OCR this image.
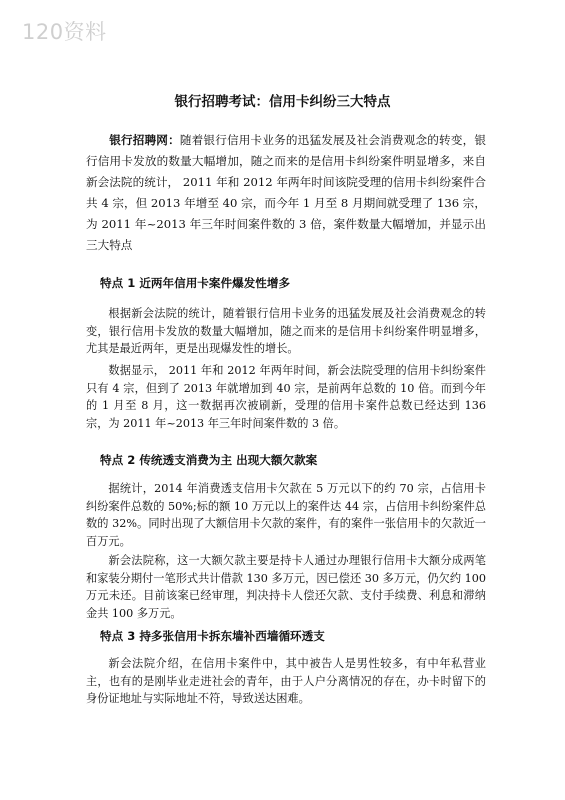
120资料
银行招聘考试：信用卡纠纷三大特点

银行招聘网：随着银行信用卡业务的迅猛发展及社会消费观念的转变，银行信用卡发放的数量大幅增加，随之而来的是信用卡纠纷案件明显增多，来自新会法院的统计， 2011 年和 2012 年两年时间该院受理的信用卡纠纷案件合共 4 宗，但 2013 年增至 40 宗，而今年 1 月至 8 月期间就受理了 136 宗，为 2011 年~2013 年三年时间案件数的 3 倍，案件数量大幅增加，并显示出三大特点

特点 1 近两年信用卡案件爆发性增多

根据新会法院的统计，随着银行信用卡业务的迅猛发展及社会消费观念的转变，银行信用卡发放的数量大幅增加，随之而来的是信用卡纠纷案件明显增多，尤其是最近两年，更是出现爆发性的增长。

数据显示， 2011 年和 2012 年两年时间，新会法院受理的信用卡纠纷案件只有 4 宗，但到了 2013 年就增加到 40 宗，是前两年总数的 10 倍。而到今年的 1 月至 8 月，这一数据再次被刷新，受理的信用卡案件总数已经达到 136 宗，为 2011 年~2013 年三年时间案件数的 3 倍。

特点 2 传统透支消费为主 出现大额欠款案

据统计，2014 年消费透支信用卡欠款在 5 万元以下的约 70 宗，占信用卡纠纷案件总数的 50%;标的额 10 万元以上的案件达 44 宗，占信用卡纠纷案件总数的 32%。同时出现了大额信用卡欠款的案件，有的案件一张信用卡的欠款近一百万元。

新会法院称，这一大额欠款主要是持卡人通过办理银行信用卡大额分成两笔和家装分期付一笔形式共计借款 130 多万元，因已偿还 30 多万元，仍欠约 100 万元未还。目前该案已经审理，判决持卡人偿还欠款、支付手续费、利息和滞纳金共 100 多万元。

特点 3 持多张信用卡拆东墙补西墙循环透支

新会法院介绍，在信用卡案件中，其中被告人是男性较多，有中年私营业主，也有的是刚毕业走进社会的青年，由于人户分离情况的存在，办卡时留下的身份证地址与实际地址不符，导致送达困难。
